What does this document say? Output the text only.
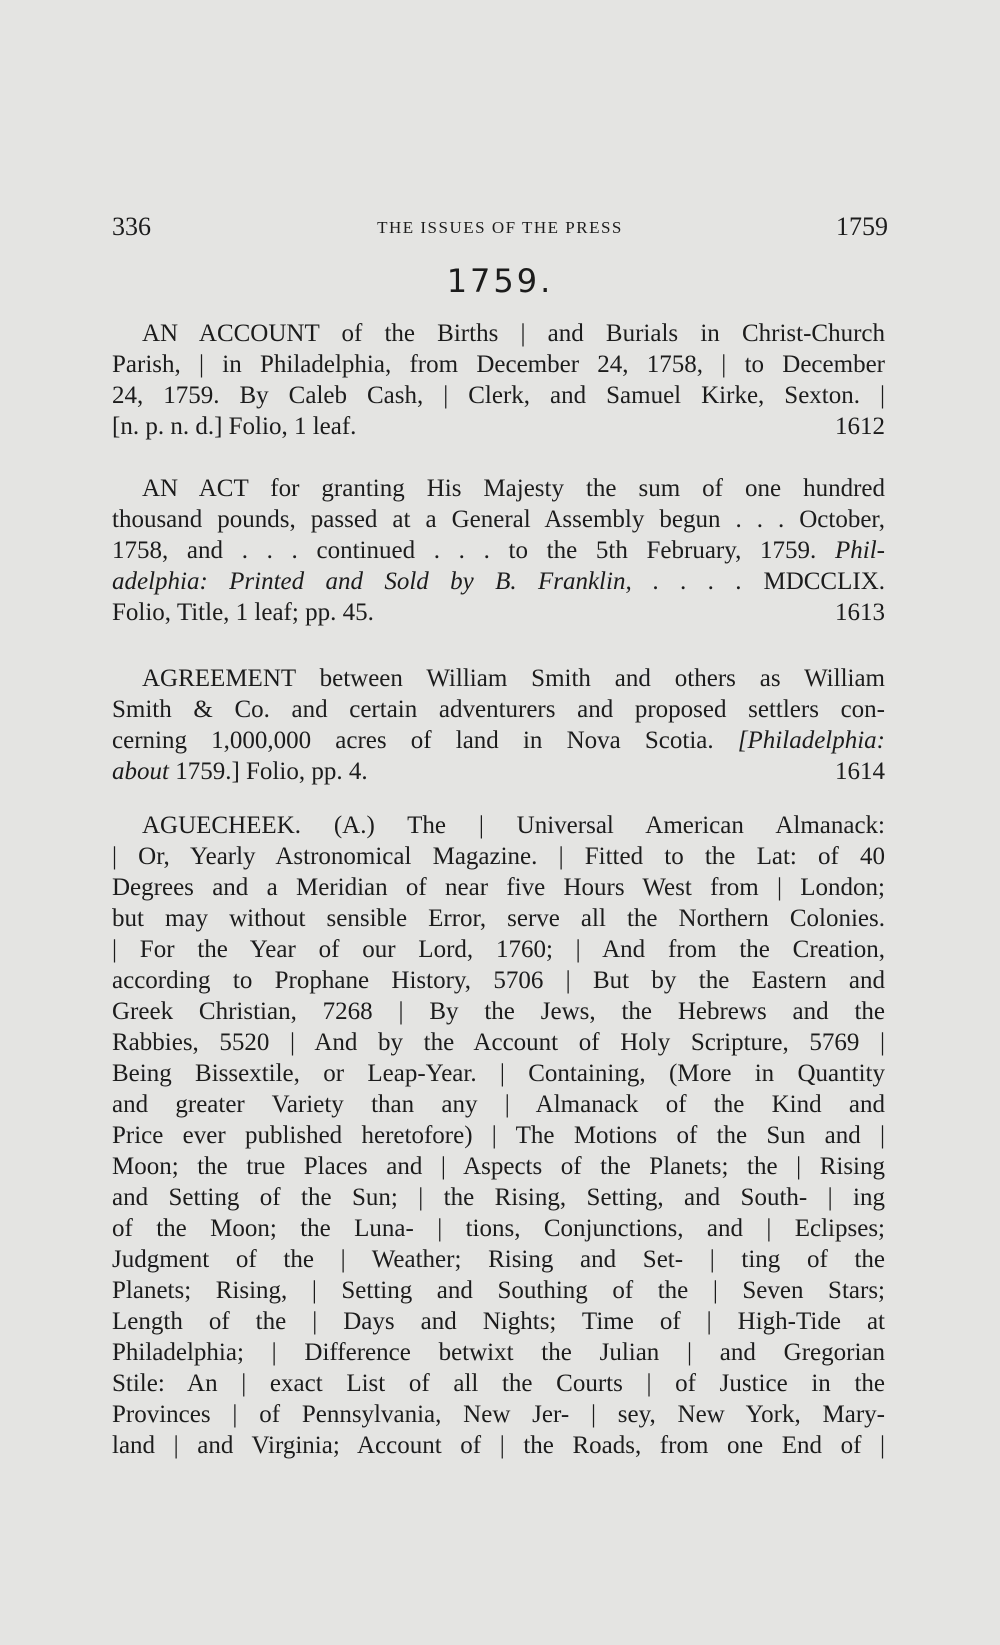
336	THE ISSUES OF THE PRESS	1759
1759.
AN ACCOUNT of the Births | and Burials in Christ-Church
Parish, | in Philadelphia, from December 24, 1758, | to December
24, 1759. By Caleb Cash, | Clerk, and Samuel Kirke, Sexton. |
[n. p. n. d.] Folio, 1 leaf.	1612
AN ACT for granting His Majesty the sum of one hundred
thousand pounds, passed at a General Assembly begun . . . October,
1758, and . . . continued . . . to the 5th February, 1759. Phil-
adelphia: Printed and Sold by B. Franklin, . . . . MDCCLIX.
Folio, Title, 1 leaf; pp. 45.	1613
AGREEMENT between William Smith and others as William
Smith & Co. and certain adventurers and proposed settlers con-
cerning 1,000,000 acres of land in Nova Scotia. [Philadelphia:
about 1759.] Folio, pp. 4.	1614
AGUECHEEK. (A.) The | Universal American Almanack:
| Or, Yearly Astronomical Magazine. | Fitted to the Lat: of 40
Degrees and a Meridian of near five Hours West from | London;
but may without sensible Error, serve all the Northern Colonies.
| For the Year of our Lord, 1760; | And from the Creation,
according to Prophane History, 5706 | But by the Eastern and
Greek Christian, 7268 | By the Jews, the Hebrews and the
Rabbies, 5520 | And by the Account of Holy Scripture, 5769 |
Being Bissextile, or Leap-Year. | Containing, (More in Quantity
and greater Variety than any | Almanack of the Kind and
Price ever published heretofore) | The Motions of the Sun and |
Moon; the true Places and | Aspects of the Planets; the | Rising
and Setting of the Sun; | the Rising, Setting, and South- | ing
of the Moon; the Luna- | tions, Conjunctions, and | Eclipses;
Judgment of the | Weather; Rising and Set- | ting of the
Planets; Rising, | Setting and Southing of the | Seven Stars;
Length of the | Days and Nights; Time of | High-Tide at
Philadelphia; | Difference betwixt the Julian | and Gregorian
Stile: An | exact List of all the Courts | of Justice in the
Provinces | of Pennsylvania, New Jer- | sey, New York, Mary-
land | and Virginia; Account of | the Roads, from one End of |
